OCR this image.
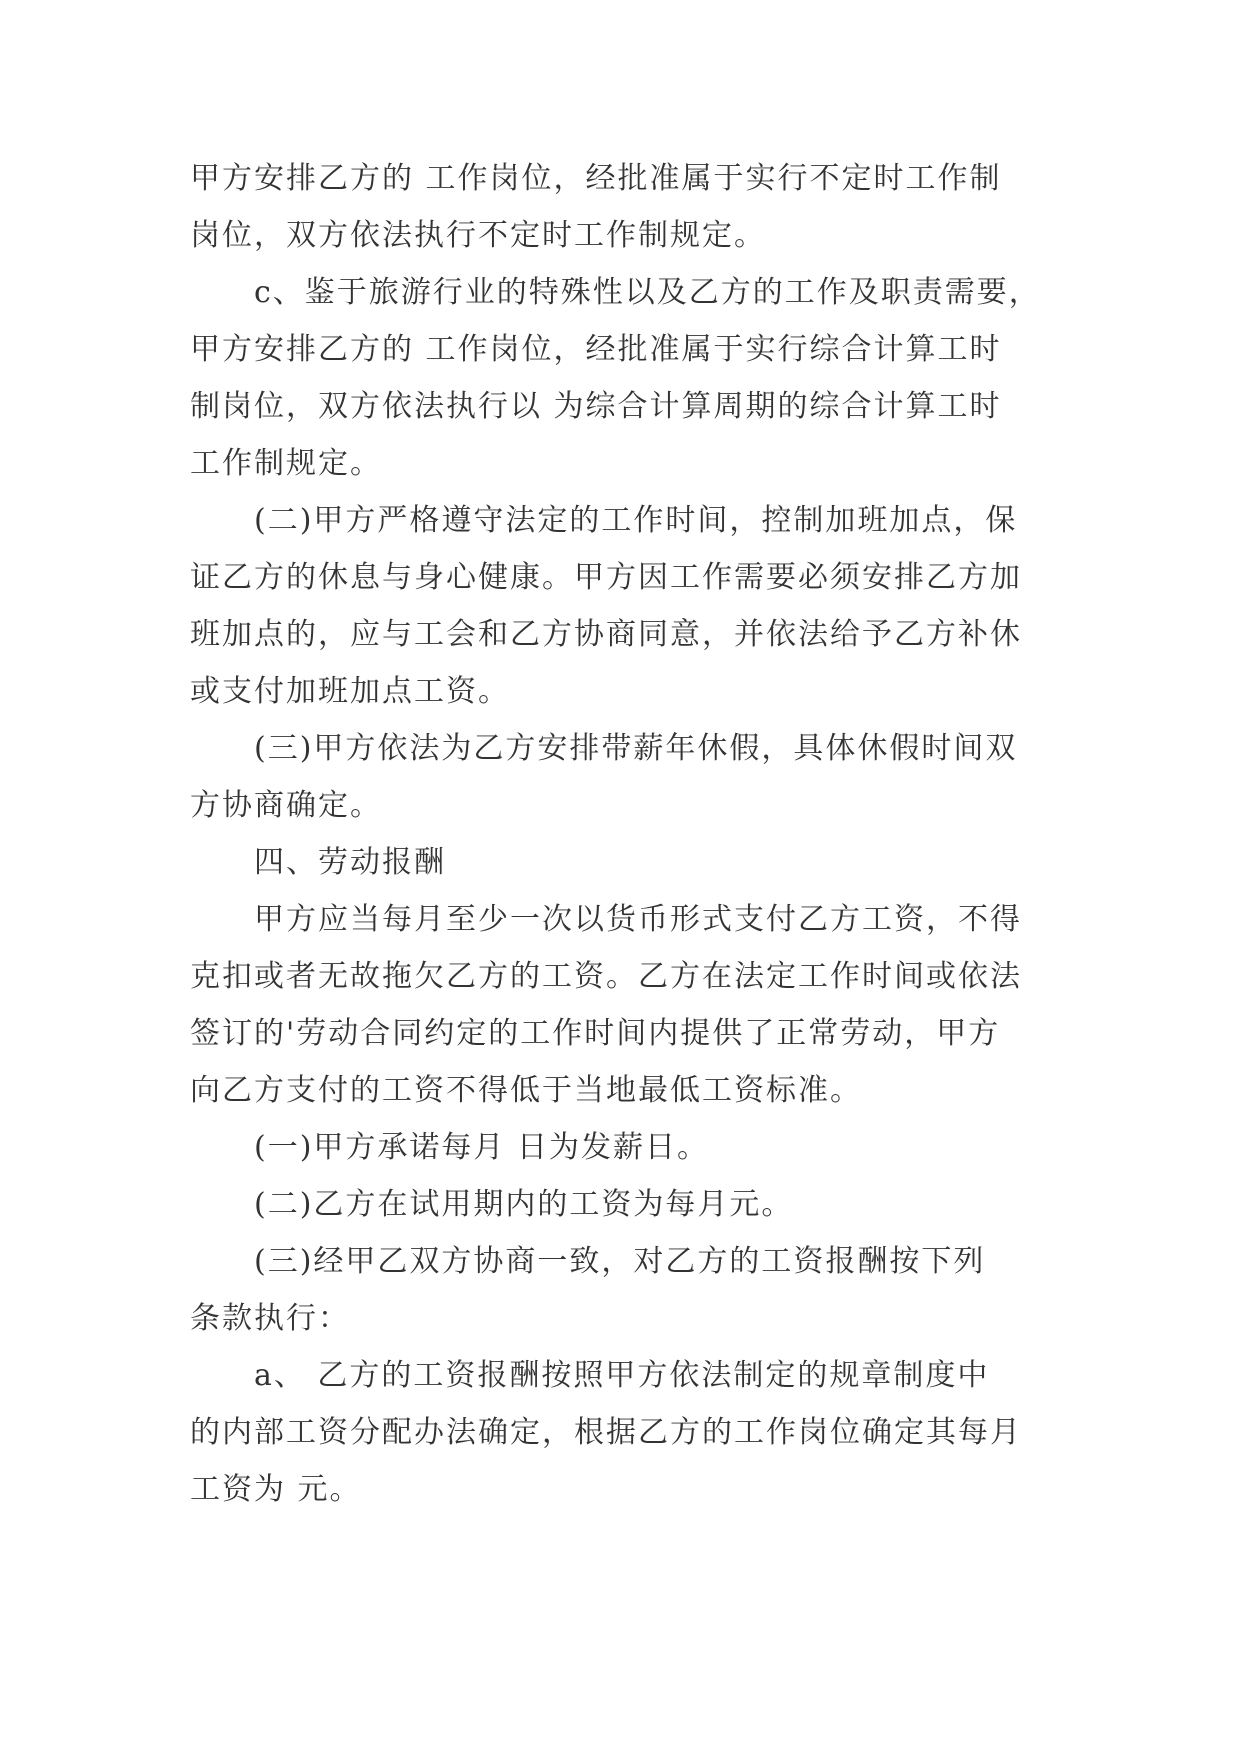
甲方安排乙方的 工作岗位，经批准属于实行不定时工作制
岗位，双方依法执行不定时工作制规定。
c、鉴于旅游行业的特殊性以及乙方的工作及职责需要，
甲方安排乙方的 工作岗位，经批准属于实行综合计算工时
制岗位，双方依法执行以 为综合计算周期的综合计算工时
工作制规定。
(二)甲方严格遵守法定的工作时间，控制加班加点，保
证乙方的休息与身心健康。甲方因工作需要必须安排乙方加
班加点的，应与工会和乙方协商同意，并依法给予乙方补休
或支付加班加点工资。
(三)甲方依法为乙方安排带薪年休假，具体休假时间双
方协商确定。
四、劳动报酬
甲方应当每月至少一次以货币形式支付乙方工资，不得
克扣或者无故拖欠乙方的工资。乙方在法定工作时间或依法
签订的'劳动合同约定的工作时间内提供了正常劳动，甲方
向乙方支付的工资不得低于当地最低工资标准。
(一)甲方承诺每月 日为发薪日。
(二)乙方在试用期内的工资为每月元。
(三)经甲乙双方协商一致，对乙方的工资报酬按下列
条款执行：
a、 乙方的工资报酬按照甲方依法制定的规章制度中
的内部工资分配办法确定，根据乙方的工作岗位确定其每月
工资为 元。
